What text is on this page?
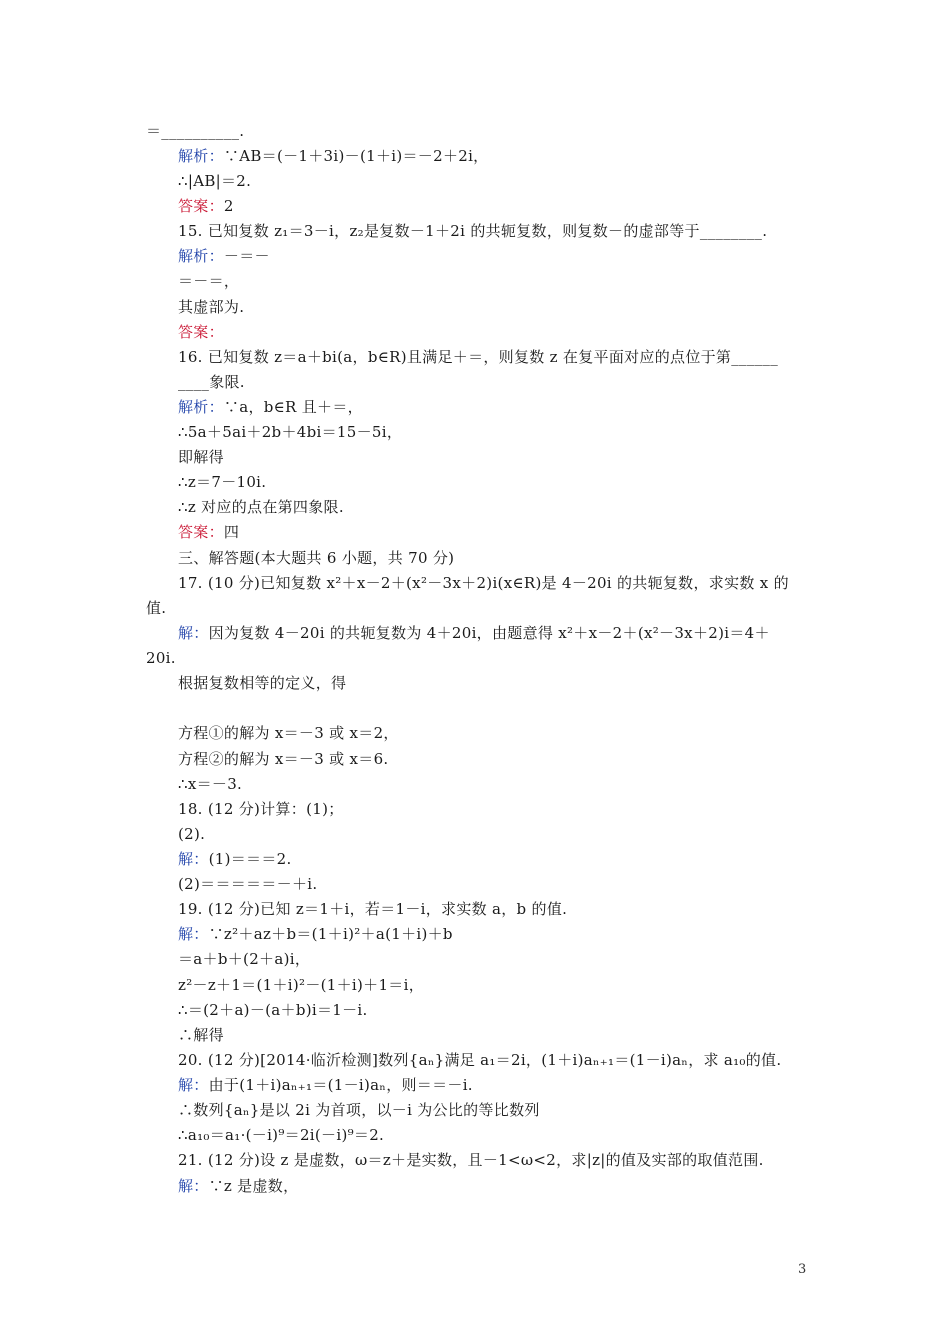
＝__________.
解析：∵AB＝(－1＋3i)－(1＋i)＝－2＋2i，
∴|AB|＝2.
答案：2
15. 已知复数 z₁＝3－i，z₂是复数－1＋2i 的共轭复数，则复数－的虚部等于________.
解析：－＝－
＝－＝，
其虚部为.
答案：
16. 已知复数 z＝a＋bi(a，b∈R)且满足＋＝，则复数 z 在复平面对应的点位于第______
____象限.
解析：∵a，b∈R 且＋＝，
∴5a＋5ai＋2b＋4bi＝15－5i，
即解得
∴z＝7－10i.
∴z 对应的点在第四象限.
答案：四
三、解答题(本大题共 6 小题，共 70 分)
17. (10 分)已知复数 x²＋x－2＋(x²－3x＋2)i(x∈R)是 4－20i 的共轭复数，求实数 x 的
值.
解：因为复数 4－20i 的共轭复数为 4＋20i，由题意得 x²＋x－2＋(x²－3x＋2)i＝4＋
20i.
根据复数相等的定义，得
方程①的解为 x＝－3 或 x＝2，
方程②的解为 x＝－3 或 x＝6.
∴x＝－3.
18. (12 分)计算：(1)；
(2).
解：(1)＝＝＝2.
(2)＝＝＝＝＝－＋i.
19. (12 分)已知 z＝1＋i，若＝1－i，求实数 a，b 的值.
解：∵z²＋az＋b＝(1＋i)²＋a(1＋i)＋b
＝a＋b＋(2＋a)i，
z²－z＋1＝(1＋i)²－(1＋i)＋1＝i，
∴＝(2＋a)－(a＋b)i＝1－i.
∴解得
20. (12 分)[2014·临沂检测]数列{aₙ}满足 a₁＝2i，(1＋i)aₙ₊₁＝(1－i)aₙ，求 a₁₀的值.
解：由于(1＋i)aₙ₊₁＝(1－i)aₙ，则＝＝－i.
∴数列{aₙ}是以 2i 为首项，以－i 为公比的等比数列
∴a₁₀＝a₁·(－i)⁹＝2i(－i)⁹＝2.
21. (12 分)设 z 是虚数，ω＝z＋是实数，且－1<ω<2，求|z|的值及实部的取值范围.
解：∵z 是虚数，
3
